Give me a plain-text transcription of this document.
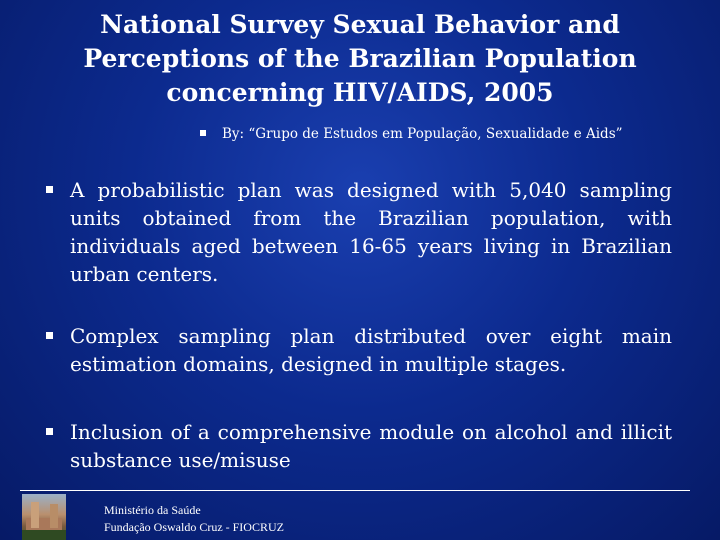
National Survey Sexual Behavior and Perceptions of the Brazilian Population concerning HIV/AIDS, 2005
By: “Grupo de Estudos em População, Sexualidade e Aids”
A probabilistic plan was designed with 5,040 sampling units obtained from the Brazilian population, with individuals aged between 16-65 years living in Brazilian urban centers.
Complex sampling plan distributed over eight main estimation domains, designed in multiple stages.
Inclusion of a comprehensive module on alcohol and illicit substance use/misuse
Ministério da Saúde
Fundação Oswaldo Cruz - FIOCRUZ
